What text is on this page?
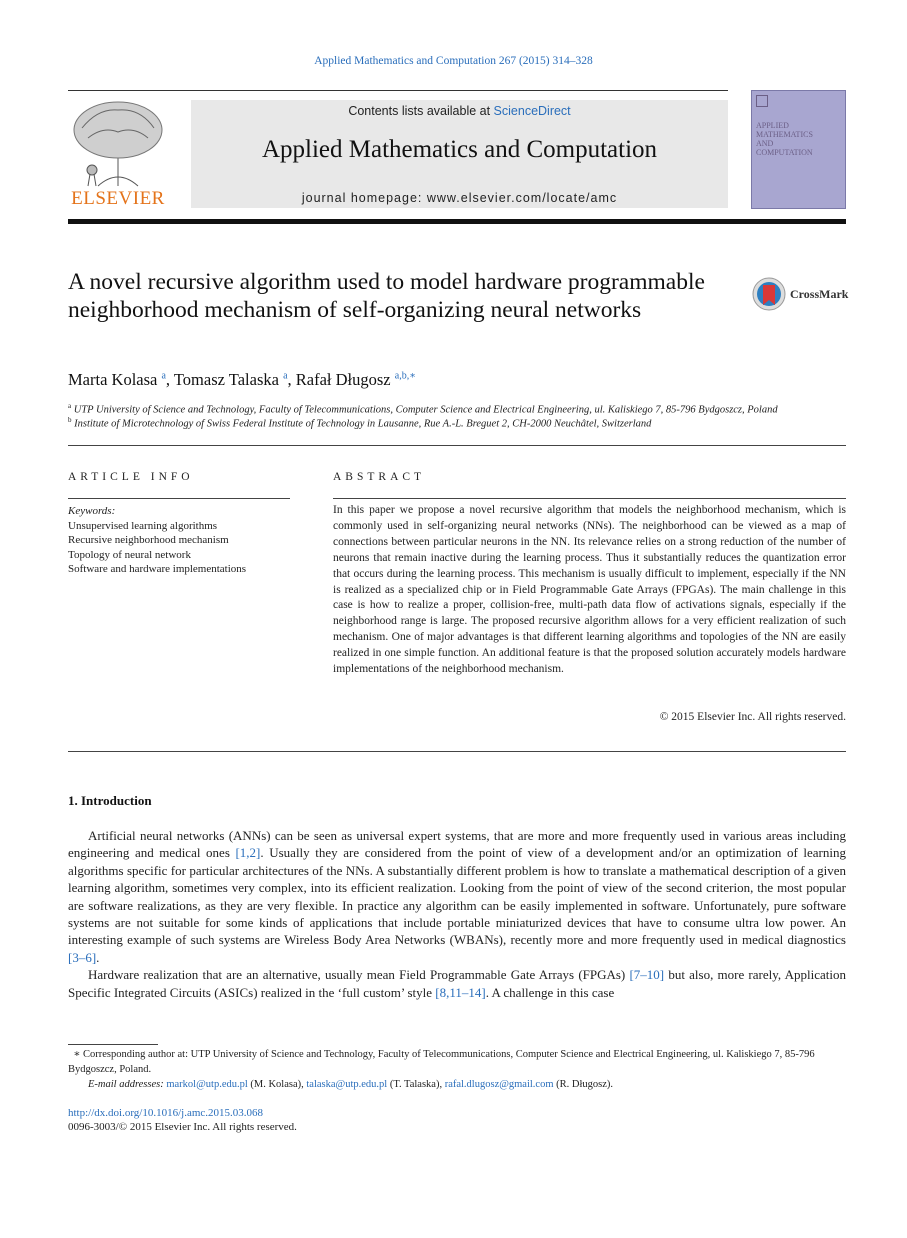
Applied Mathematics and Computation 267 (2015) 314–328
ELSEVIER
Contents lists available at ScienceDirect
Applied Mathematics and Computation
journal homepage: www.elsevier.com/locate/amc
APPLIED
MATHEMATICS
AND
COMPUTATION
A novel recursive algorithm used to model hardware programmable neighborhood mechanism of self-organizing neural networks
CrossMark
Marta Kolasa $^a$, Tomasz Talaska $^a$, Rafał Długosz $^{a,b,∗}$
$^a$ UTP University of Science and Technology, Faculty of Telecommunications, Computer Science and Electrical Engineering, ul. Kaliskiego 7, 85-796 Bydgoszcz, Poland
$^b$ Institute of Microtechnology of Swiss Federal Institute of Technology in Lausanne, Rue A.-L. Breguet 2, CH-2000 Neuchâtel, Switzerland
ARTICLE INFO	ABSTRACT
Keywords:
Unsupervised learning algorithms
Recursive neighborhood mechanism
Topology of neural network
Software and hardware implementations
In this paper we propose a novel recursive algorithm that models the neighborhood mechanism, which is commonly used in self-organizing neural networks (NNs). The neighborhood can be viewed as a map of connections between particular neurons in the NN. Its relevance relies on a strong reduction of the number of neurons that remain inactive during the learning process. Thus it substantially reduces the quantization error that occurs during the learning process. This mechanism is usually difficult to implement, especially if the NN is realized as a specialized chip or in Field Programmable Gate Arrays (FPGAs). The main challenge in this case is how to realize a proper, collision-free, multi-path data flow of activations signals, especially if the neighborhood range is large. The proposed recursive algorithm allows for a very efficient realization of such mechanism. One of major advantages is that different learning algorithms and topologies of the NN are easily realized in one simple function. An additional feature is that the proposed solution accurately models hardware implementations of the neighborhood mechanism.
© 2015 Elsevier Inc. All rights reserved.
1. Introduction

Artificial neural networks (ANNs) can be seen as universal expert systems, that are more and more frequently used in various areas including engineering and medical ones [1,2]. Usually they are considered from the point of view of a development and/or an optimization of learning algorithms specific for particular architectures of the NNs. A substantially different problem is how to translate a mathematical description of a given learning algorithm, sometimes very complex, into its efficient realization. Looking from the point of view of the second criterion, the most popular are software realizations, as they are very flexible. In practice any algorithm can be easily implemented in software. Unfortunately, pure software systems are not suitable for some kinds of applications that include portable miniaturized devices that have to consume ultra low power. An interesting example of such systems are Wireless Body Area Networks (WBANs), recently more and more frequently used in medical diagnostics [3–6].

Hardware realization that are an alternative, usually mean Field Programmable Gate Arrays (FPGAs) [7–10] but also, more rarely, Application Specific Integrated Circuits (ASICs) realized in the ‘full custom’ style [8,11–14]. A challenge in this case

∗ Corresponding author at: UTP University of Science and Technology, Faculty of Telecommunications, Computer Science and Electrical Engineering, ul. Kaliskiego 7, 85-796 Bydgoszcz, Poland.
E-mail addresses: markol@utp.edu.pl (M. Kolasa), talaska@utp.edu.pl (T. Talaska), rafal.dlugosz@gmail.com (R. Długosz).
http://dx.doi.org/10.1016/j.amc.2015.03.068
0096-3003/© 2015 Elsevier Inc. All rights reserved.
